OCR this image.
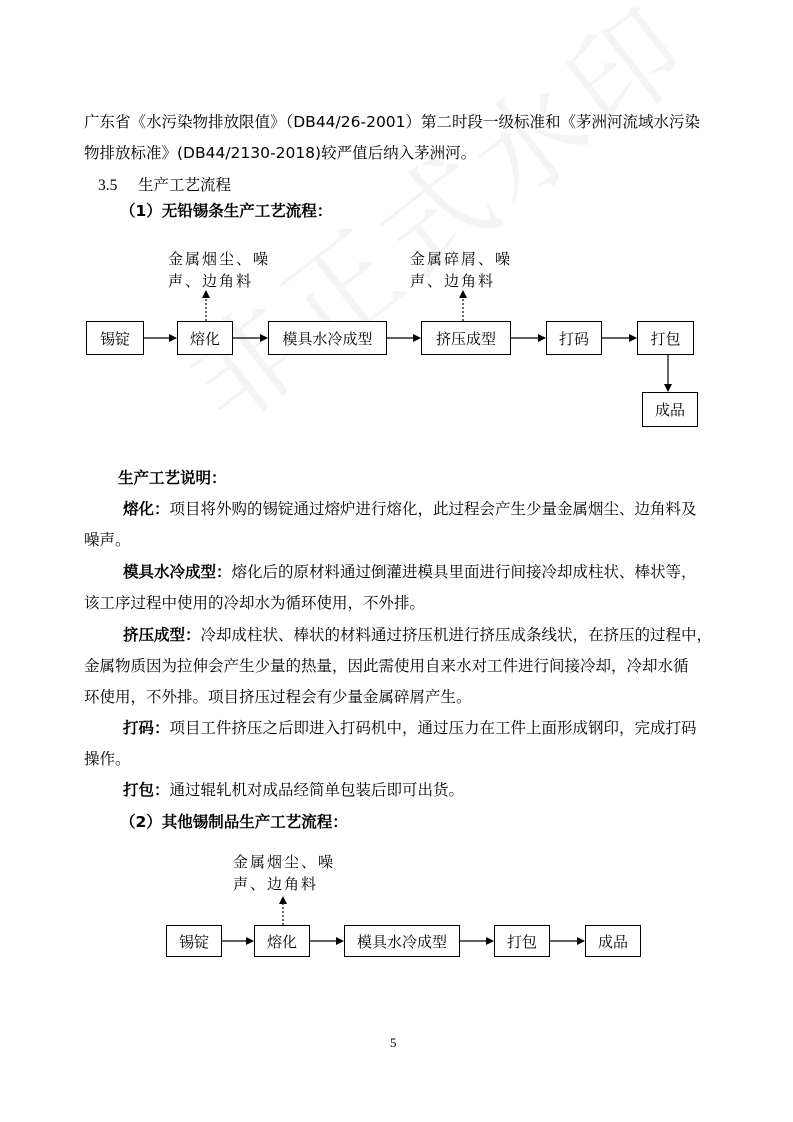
广东省《水污染物排放限值》（DB44/26-2001）第二时段一级标准和《茅洲河流域水污染
物排放标准》(DB44/2130-2018)较严值后纳入茅洲河。
3.5 生产工艺流程
（1）无铅锡条生产工艺流程：
金属烟尘、噪
声、边角料
金属碎屑、噪
声、边角料
锡锭	熔化	模具水冷成型	挤压成型	打码	打包
成品
生产工艺说明：
熔化：项目将外购的锡锭通过熔炉进行熔化，此过程会产生少量金属烟尘、边角料及
噪声。
模具水冷成型：熔化后的原材料通过倒灌进模具里面进行间接冷却成柱状、棒状等，
该工序过程中使用的冷却水为循环使用，不外排。
挤压成型：冷却成柱状、棒状的材料通过挤压机进行挤压成条线状，在挤压的过程中，
金属物质因为拉伸会产生少量的热量，因此需使用自来水对工件进行间接冷却，冷却水循
环使用，不外排。项目挤压过程会有少量金属碎屑产生。
打码：项目工件挤压之后即进入打码机中，通过压力在工件上面形成钢印，完成打码
操作。
打包：通过辊轧机对成品经简单包装后即可出货。
（2）其他锡制品生产工艺流程：
金属烟尘、噪
声、边角料
锡锭	熔化	模具水冷成型	打包	成品
5
